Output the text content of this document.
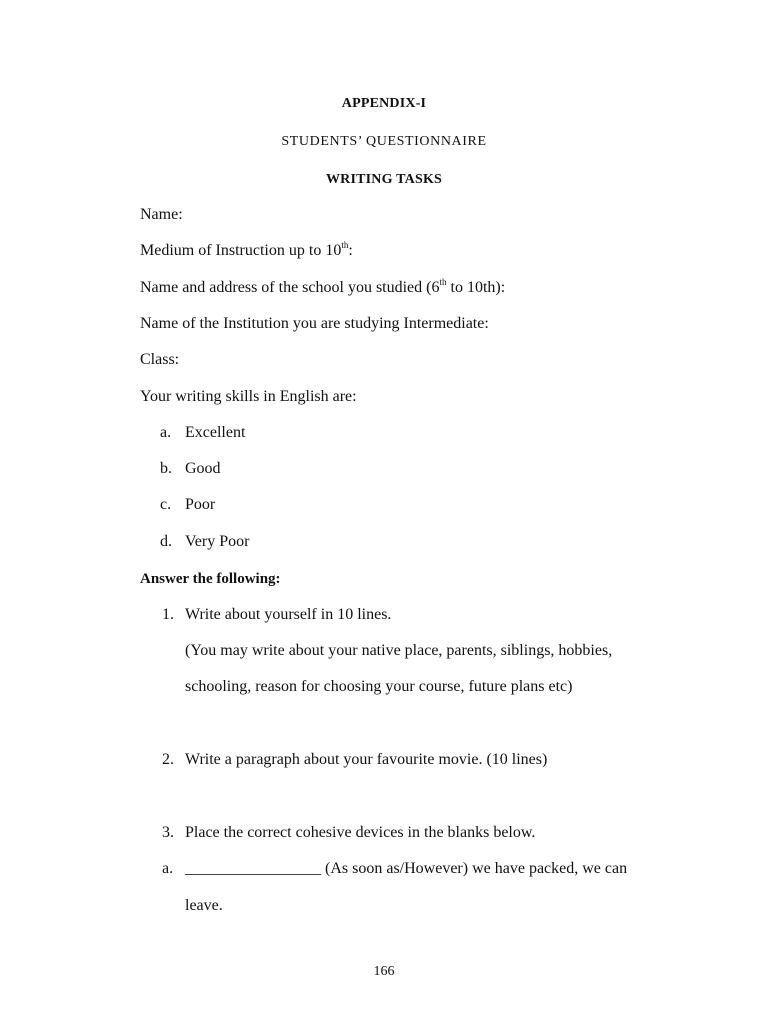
APPENDIX-I
STUDENTS’ QUESTIONNAIRE
WRITING TASKS
Name:
Medium of Instruction up to 10th:
Name and address of the school you studied (6th to 10th):
Name of the Institution you are studying Intermediate:
Class:
Your writing skills in English are:
a. Excellent
b. Good
c. Poor
d. Very Poor
Answer the following:
1. Write about yourself in 10 lines.
(You may write about your native place, parents, siblings, hobbies,
schooling, reason for choosing your course, future plans etc)
2. Write a paragraph about your favourite movie. (10 lines)
3. Place the correct cohesive devices in the blanks below.
a. _________________ (As soon as/However) we have packed, we can
leave.
166
